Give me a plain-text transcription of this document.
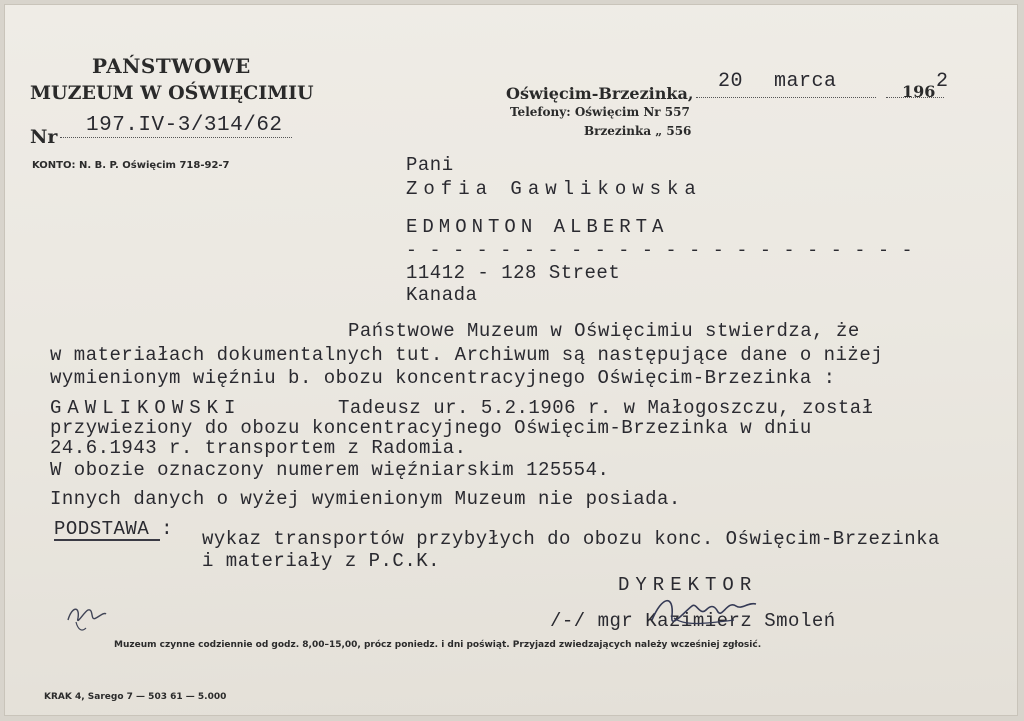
PAŃSTWOWE
MUZEUM W OŚWIĘCIMIU
Nr 197.IV-3/314/62
KONTO: N. B. P. Oświęcim 718-92-7
Oświęcim-Brzezinka,
20 marca	196 2
Telefony: Oświęcim Nr 557
Brzezinka „ 556
Pani
Zofia Gawlikowska
EDMONTON ALBERTA
- - - - - - - - - - - - - - - - - - - - - -
11412 - 128 Street
Kanada
Państwowe Muzeum w Oświęcimiu stwierdza, że
w materiałach dokumentalnych tut. Archiwum są następujące dane o niżej
wymienionym więźniu b. obozu koncentracyjnego Oświęcim-Brzezinka :
GAWLIKOWSKI	Tadeusz ur. 5.2.1906 r. w Małogoszczu, został
przywieziony do obozu koncentracyjnego Oświęcim-Brzezinka w dniu
24.6.1943 r. transportem z Radomia.
W obozie oznaczony numerem więźniarskim 125554.
Innych danych o wyżej wymienionym Muzeum nie posiada.
PODSTAWA : wykaz transportów przybyłych do obozu konc. Oświęcim-Brzezinka
i materiały z P.C.K.
DYREKTOR
/-/ mgr Kazimierz Smoleń
Muzeum czynne codziennie od godz. 8,00–15,00, prócz poniedz. i dni poświąt. Przyjazd zwiedzających należy wcześniej zgłosić.
KRAK 4, Sarego 7 — 503 61 — 5.000
